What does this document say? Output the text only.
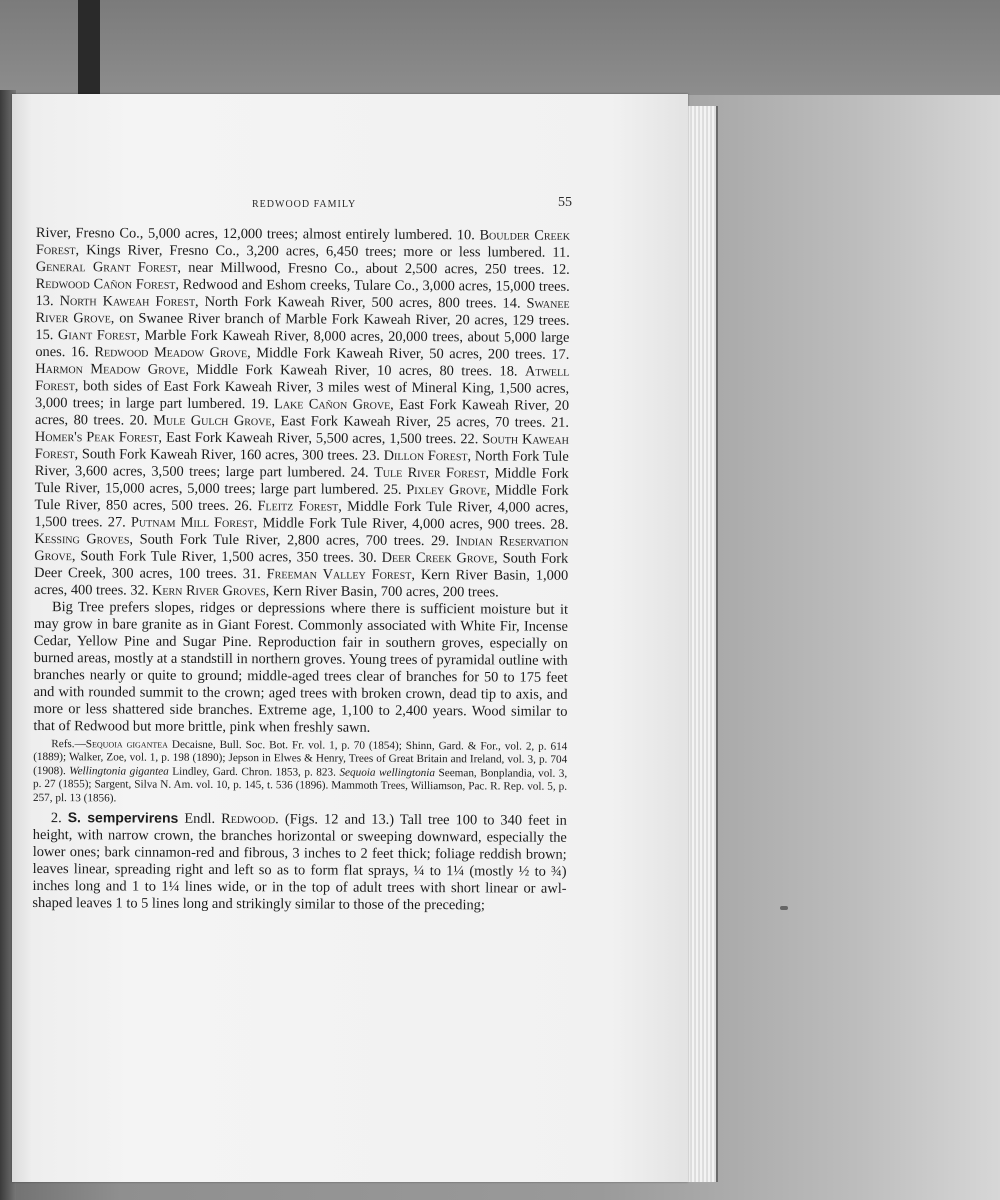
REDWOOD FAMILY	55

River, Fresno Co., 5,000 acres, 12,000 trees; almost entirely lumbered. 10. Boulder Creek Forest, Kings River, Fresno Co., 3,200 acres, 6,450 trees; more or less lumbered. 11. General Grant Forest, near Millwood, Fresno Co., about 2,500 acres, 250 trees. 12. Redwood Cañon Forest, Redwood and Eshom creeks, Tulare Co., 3,000 acres, 15,000 trees. 13. North Kaweah Forest, North Fork Kaweah River, 500 acres, 800 trees. 14. Swanee River Grove, on Swanee River branch of Marble Fork Kaweah River, 20 acres, 129 trees. 15. Giant Forest, Marble Fork Kaweah River, 8,000 acres, 20,000 trees, about 5,000 large ones. 16. Redwood Meadow Grove, Middle Fork Kaweah River, 50 acres, 200 trees. 17. Harmon Meadow Grove, Middle Fork Kaweah River, 10 acres, 80 trees. 18. Atwell Forest, both sides of East Fork Kaweah River, 3 miles west of Mineral King, 1,500 acres, 3,000 trees; in large part lumbered. 19. Lake Cañon Grove, East Fork Kaweah River, 20 acres, 80 trees. 20. Mule Gulch Grove, East Fork Kaweah River, 25 acres, 70 trees. 21. Homer's Peak Forest, East Fork Kaweah River, 5,500 acres, 1,500 trees. 22. South Kaweah Forest, South Fork Kaweah River, 160 acres, 300 trees. 23. Dillon Forest, North Fork Tule River, 3,600 acres, 3,500 trees; large part lumbered. 24. Tule River Forest, Middle Fork Tule River, 15,000 acres, 5,000 trees; large part lumbered. 25. Pixley Grove, Middle Fork Tule River, 850 acres, 500 trees. 26. Fleitz Forest, Middle Fork Tule River, 4,000 acres, 1,500 trees. 27. Putnam Mill Forest, Middle Fork Tule River, 4,000 acres, 900 trees. 28. Kessing Groves, South Fork Tule River, 2,800 acres, 700 trees. 29. Indian Reservation Grove, South Fork Tule River, 1,500 acres, 350 trees. 30. Deer Creek Grove, South Fork Deer Creek, 300 acres, 100 trees. 31. Freeman Valley Forest, Kern River Basin, 1,000 acres, 400 trees. 32. Kern River Groves, Kern River Basin, 700 acres, 200 trees.

Big Tree prefers slopes, ridges or depressions where there is sufficient moisture but it may grow in bare granite as in Giant Forest. Commonly associated with White Fir, Incense Cedar, Yellow Pine and Sugar Pine. Reproduction fair in southern groves, especially on burned areas, mostly at a standstill in northern groves. Young trees of pyramidal outline with branches nearly or quite to ground; middle-aged trees clear of branches for 50 to 175 feet and with rounded summit to the crown; aged trees with broken crown, dead tip to axis, and more or less shattered side branches. Extreme age, 1,100 to 2,400 years. Wood similar to that of Redwood but more brittle, pink when freshly sawn.

Refs.—Sequoia gigantea Decaisne, Bull. Soc. Bot. Fr. vol. 1, p. 70 (1854); Shinn, Gard. & For., vol. 2, p. 614 (1889); Walker, Zoe, vol. 1, p. 198 (1890); Jepson in Elwes & Henry, Trees of Great Britain and Ireland, vol. 3, p. 704 (1908). Wellingtonia gigantea Lindley, Gard. Chron. 1853, p. 823. Sequoia wellingtonia Seeman, Bonplandia, vol. 3, p. 27 (1855); Sargent, Silva N. Am. vol. 10, p. 145, t. 536 (1896). Mammoth Trees, Williamson, Pac. R. Rep. vol. 5, p. 257, pl. 13 (1856).

2. S. sempervirens Endl. Redwood. (Figs. 12 and 13.) Tall tree 100 to 340 feet in height, with narrow crown, the branches horizontal or sweeping downward, especially the lower ones; bark cinnamon-red and fibrous, 3 inches to 2 feet thick; foliage reddish brown; leaves linear, spreading right and left so as to form flat sprays, ¼ to 1¼ (mostly ½ to ¾) inches long and 1 to 1¼ lines wide, or in the top of adult trees with short linear or awl-shaped leaves 1 to 5 lines long and strikingly similar to those of the preceding;
